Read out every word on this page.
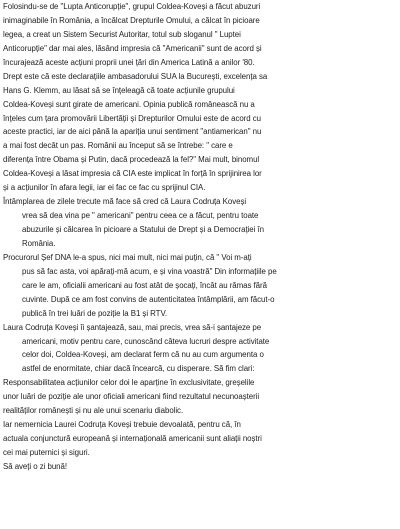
Folosindu-se de "Lupta Anticorupție", grupul Coldea-Koveși a făcut abuzuri
inimaginabile în România, a încălcat Drepturile Omului, a călcat în picioare
legea, a creat un Sistem Securist Autoritar, totul sub sloganul " Luptei
Anticorupție" dar mai ales, lăsând impresia că "Americanii" sunt de acord și
încurajează aceste acțiuni proprii unei țări din America Latină a anilor '80.
Drept este că este declarațiile ambasadorului SUA la București, excelența sa
Hans G. Klemm, au lăsat să se înțeleagă că toate acțiunile grupului
Coldea-Koveși sunt girate de americani. Opinia publică românească nu a
înțeles cum țara promovării Libertății și Drepturilor Omului este de acord cu
aceste practici, iar de aici până la apariția unui sentiment "antiamerican" nu
a mai fost decât un pas. Românii au început să se întrebe: " care e
diferența între Obama și Putin, dacă procedează la fel?" Mai mult, binomul
Coldea-Koveși a lăsat impresia că CIA este implicat în forță în sprijinirea lor
și a acțiunilor în afara legii, iar ei fac ce fac cu sprijinul CIA.
Întâmplarea de zilele trecute mă face să cred că Laura Codruța Koveși
vrea să dea vina pe " americani" pentru ceea ce a făcut, pentru toate
abuzurile și călcarea în picioare a Statului de Drept și a Democrației în
România.
Procurorul Șef DNA le-a spus, nici mai mult, nici mai puțin, că " Voi m-ați
pus să fac asta, voi apărați-mă acum, e și vina voastră" Din informațiile pe
care le am, oficialii americani au fost atât de șocați, încât au rămas fără
cuvinte. După ce am fost convins de autenticitatea întâmplării, am făcut-o
publică în trei luări de poziție la B1 și RTV.
Laura Codruța Koveși îi șantajează, sau, mai precis, vrea să-i șantajeze pe
americani, motiv pentru care, cunoscând câteva lucruri despre activitate
celor doi, Coldea-Koveși, am declarat ferm că nu au cum argumenta o
astfel de enormitate, chiar dacă încearcă, cu disperare. Să fim clari:
Responsabilitatea acțiunilor celor doi le aparține în exclusivitate, greșelile
unor luări de poziție ale unor oficiali americani fiind rezultatul necunoașterii
realităților românești și nu ale unui scenariu diabolic.
Iar nemernicia Laurei Codruța Koveși trebuie devoalată, pentru că, în
actuala conjunctură europeană și internațională americanii sunt aliații noștri
cei mai puternici și siguri.
Să aveți o zi bună!
